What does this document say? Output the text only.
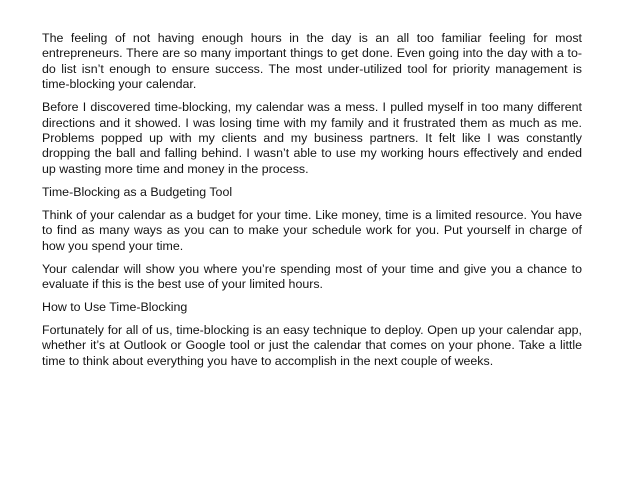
The feeling of not having enough hours in the day is an all too familiar feeling for most entrepreneurs. There are so many important things to get done. Even going into the day with a to-do list isn’t enough to ensure success. The most under-utilized tool for priority management is time-blocking your calendar.

Before I discovered time-blocking, my calendar was a mess. I pulled myself in too many different directions and it showed. I was losing time with my family and it frustrated them as much as me. Problems popped up with my clients and my business partners. It felt like I was constantly dropping the ball and falling behind. I wasn’t able to use my working hours effectively and ended up wasting more time and money in the process.

Time-Blocking as a Budgeting Tool

Think of your calendar as a budget for your time. Like money, time is a limited resource. You have to find as many ways as you can to make your schedule work for you. Put yourself in charge of how you spend your time.

Your calendar will show you where you’re spending most of your time and give you a chance to evaluate if this is the best use of your limited hours.

How to Use Time-Blocking

Fortunately for all of us, time-blocking is an easy technique to deploy. Open up your calendar app, whether it’s at Outlook or Google tool or just the calendar that comes on your phone. Take a little time to think about everything you have to accomplish in the next couple of weeks.
